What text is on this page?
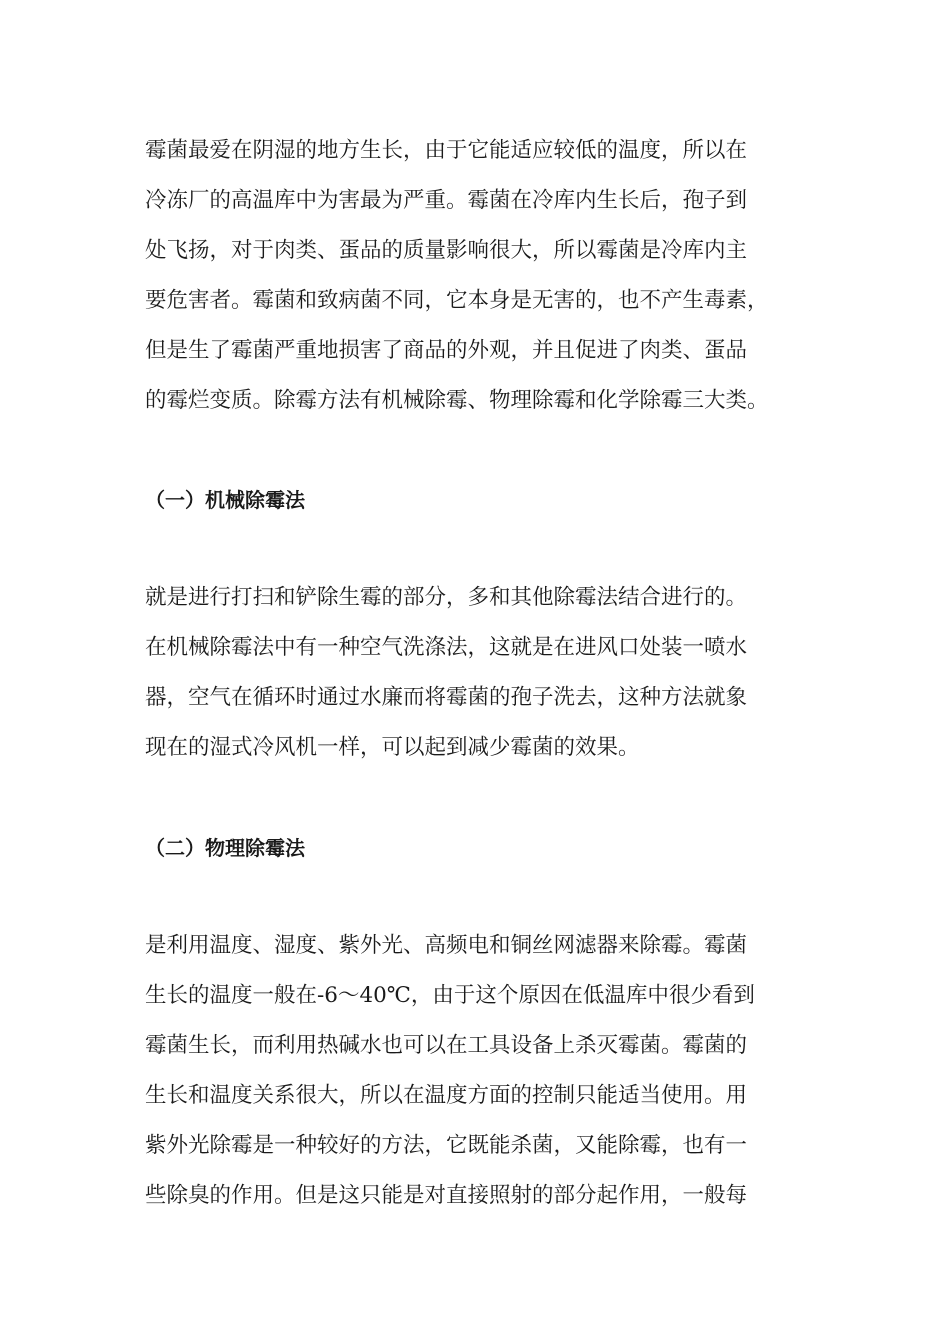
霉菌最爱在阴湿的地方生长，由于它能适应较低的温度，所以在
冷冻厂的高温库中为害最为严重。霉菌在冷库内生长后，孢子到
处飞扬，对于肉类、蛋品的质量影响很大，所以霉菌是冷库内主
要危害者。霉菌和致病菌不同，它本身是无害的，也不产生毒素，
但是生了霉菌严重地损害了商品的外观，并且促进了肉类、蛋品
的霉烂变质。除霉方法有机械除霉、物理除霉和化学除霉三大类。
（一）机械除霉法
就是进行打扫和铲除生霉的部分，多和其他除霉法结合进行的。
在机械除霉法中有一种空气洗涤法，这就是在进风口处装一喷水
器，空气在循环时通过水廉而将霉菌的孢子洗去，这种方法就象
现在的湿式冷风机一样，可以起到减少霉菌的效果。
（二）物理除霉法
是利用温度、湿度、紫外光、高频电和铜丝网滤器来除霉。霉菌
生长的温度一般在-6～40℃，由于这个原因在低温库中很少看到
霉菌生长，而利用热碱水也可以在工具设备上杀灭霉菌。霉菌的
生长和温度关系很大，所以在温度方面的控制只能适当使用。用
紫外光除霉是一种较好的方法，它既能杀菌，又能除霉，也有一
些除臭的作用。但是这只能是对直接照射的部分起作用，一般每
